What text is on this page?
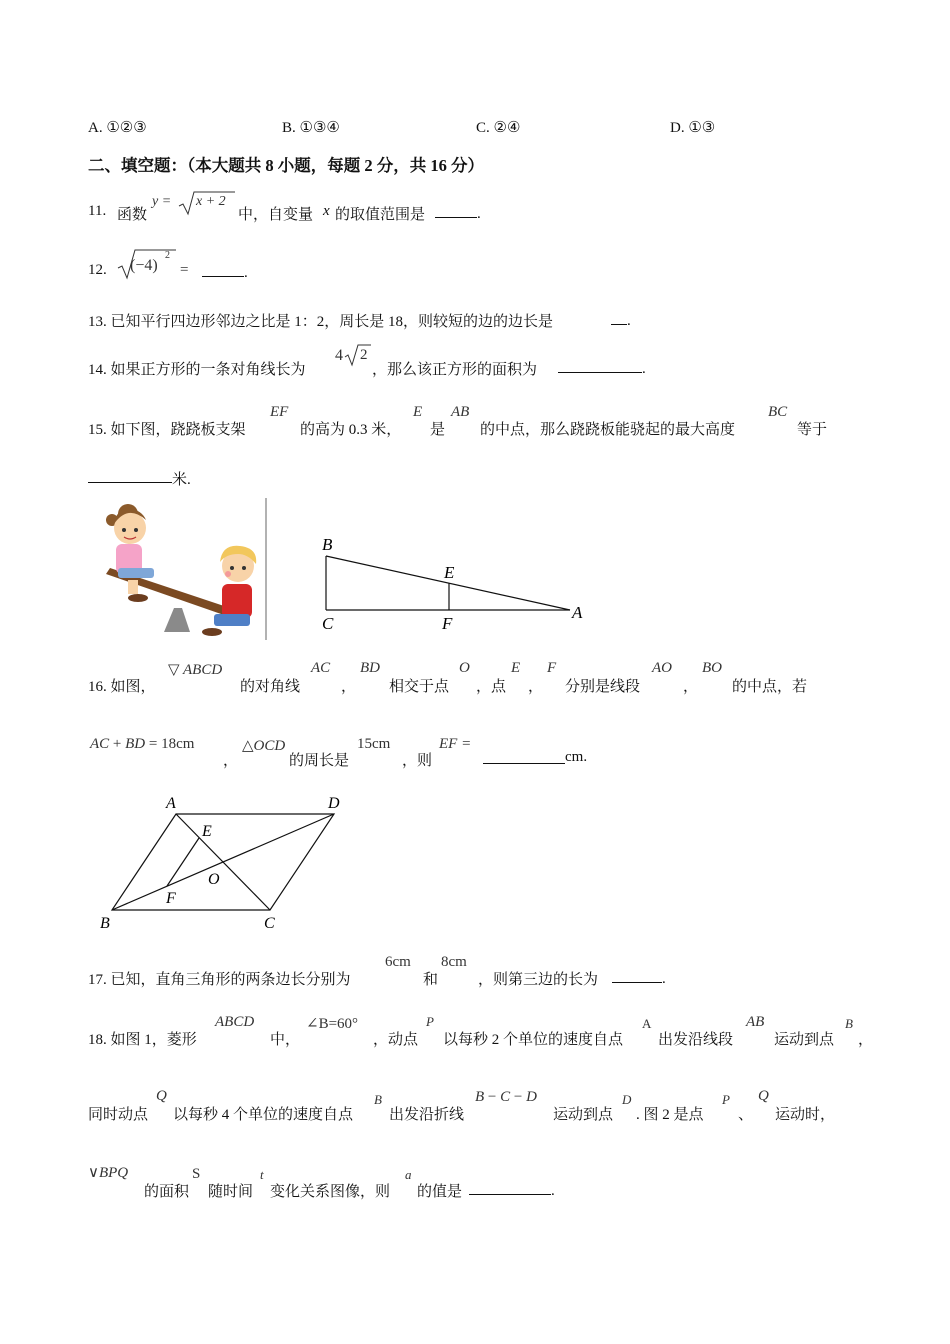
A. ①②③	B. ①③④	C. ②④	D. ①③
二、填空题：（本大题共 8 小题，每题 2 分，共 16 分）
11. 函数
y = x + 2
中，自变量 x 的取值范围是	.
12. (−4)
2
=	.
13. 已知平行四边形邻边之比是 1：2，周长是 18，则较短的边的边长是	.
14. 如果正方形的一条对角线长为
4 2
，那么该正方形的面积为	.
15. 如下图，跷跷板支架
EF
的高为 0.3 米，
E
是
AB
的中点，那么跷跷板能骁起的最大高度
BC
等于
米.
B
E
C	F
A
16. 如图，
▽ ABCD
的对角线
AC
，
BD
相交于点
O
，点
E
，
F
分别是线段
AO
，
BO
的中点，若
AC + BD = 18cm
，
△OCD
的周长是
15cm
，则
EF =
cm.
A	D
E
O
F
B	C
17. 已知，直角三角形的两条边长分别为
6cm
和
8cm
，则第三边的长为	.
18. 如图 1，菱形
ABCD
中，
∠B=60°
，动点
P
以每秒 2 个单位的速度自点
A
出发沿线段
AB
运动到点
B
，
同时动点
Q
以每秒 4 个单位的速度自点
B
出发沿折线
B − C − D
运动到点
D
. 图 2 是点
P
、
Q
运动时，
∨BPQ
的面积
S
随时间
t
变化关系图像，则
a
的值是	.
